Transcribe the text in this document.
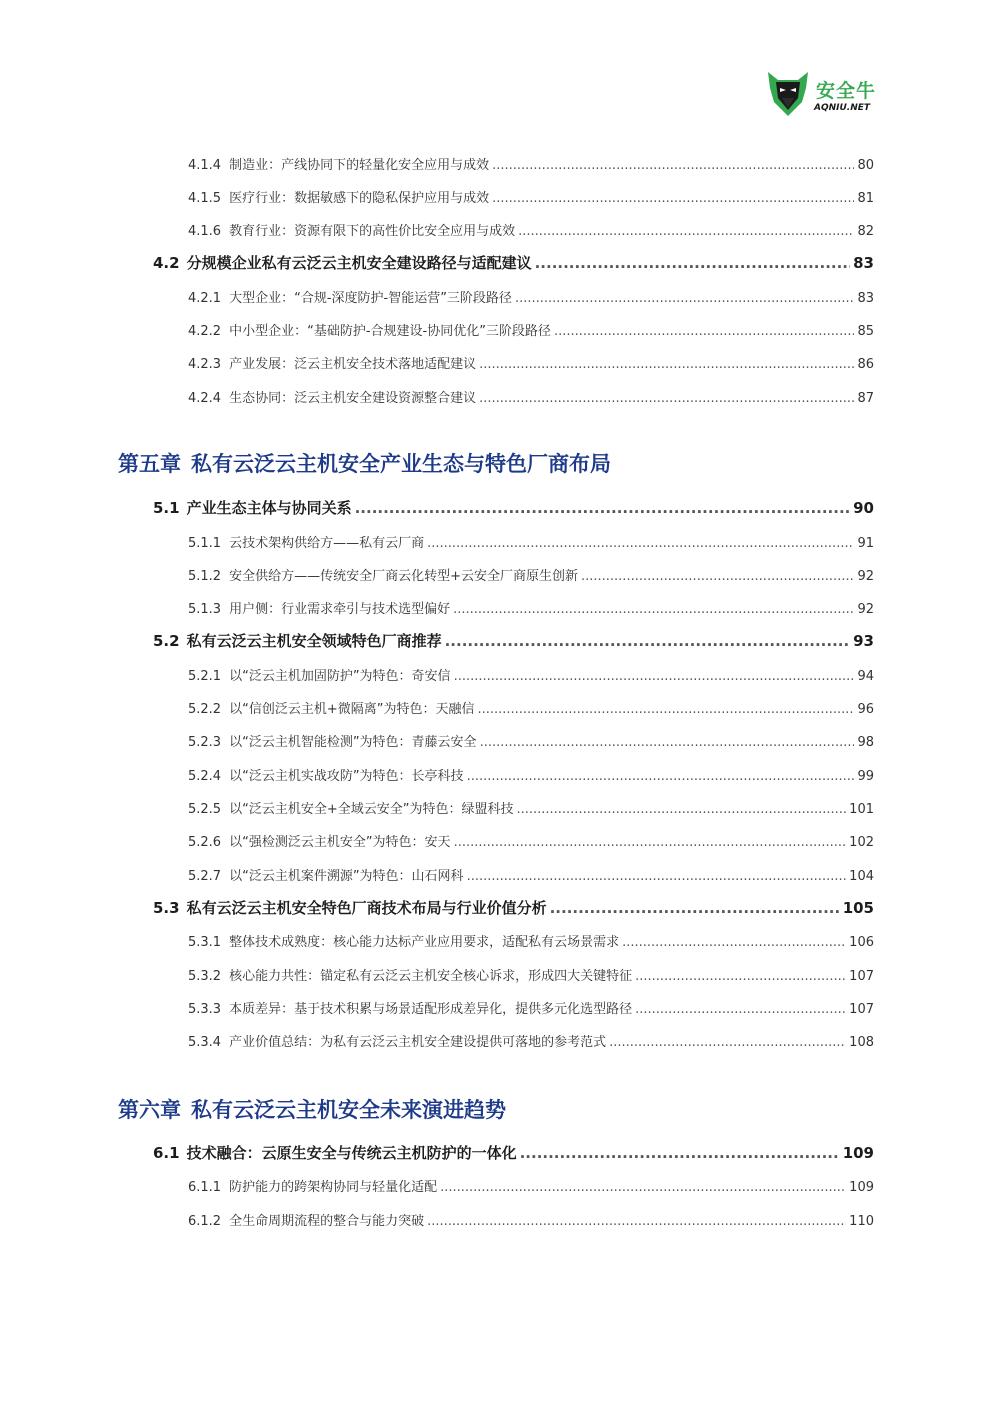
安全牛
AQNIU.NET
4.1.4 制造业：产线协同下的轻量化安全应用与成效 .....	80
4.1.5 医疗行业：数据敏感下的隐私保护应用与成效 .....	81
4.1.6 教育行业：资源有限下的高性价比安全应用与成效 .....	82
4.2 分规模企业私有云泛云主机安全建设路径与适配建议 .....	83
4.2.1 大型企业：“合规-深度防护-智能运营”三阶段路径 .....	83
4.2.2 中小型企业：“基础防护-合规建设-协同优化”三阶段路径 .....	85
4.2.3 产业发展：泛云主机安全技术落地适配建议 .....	86
4.2.4 生态协同：泛云主机安全建设资源整合建议 .....	87
第五章 私有云泛云主机安全产业生态与特色厂商布局
5.1 产业生态主体与协同关系 .....	90
5.1.1 云技术架构供给方——私有云厂商 .....	91
5.1.2 安全供给方——传统安全厂商云化转型+云安全厂商原生创新 .....	92
5.1.3 用户侧：行业需求牵引与技术选型偏好 .....	92
5.2 私有云泛云主机安全领域特色厂商推荐 .....	93
5.2.1 以“泛云主机加固防护”为特色：奇安信 .....	94
5.2.2 以“信创泛云主机+微隔离”为特色：天融信 .....	96
5.2.3 以“泛云主机智能检测”为特色：青藤云安全 .....	98
5.2.4 以“泛云主机实战攻防”为特色：长亭科技 .....	99
5.2.5 以“泛云主机安全+全域云安全”为特色：绿盟科技 .....	101
5.2.6 以“强检测泛云主机安全”为特色：安天 .....	102
5.2.7 以“泛云主机案件溯源”为特色：山石网科 .....	104
5.3 私有云泛云主机安全特色厂商技术布局与行业价值分析 .....	105
5.3.1 整体技术成熟度：核心能力达标产业应用要求，适配私有云场景需求 .....	106
5.3.2 核心能力共性：锚定私有云泛云主机安全核心诉求，形成四大关键特征 .....	107
5.3.3 本质差异：基于技术积累与场景适配形成差异化，提供多元化选型路径 .....	107
5.3.4 产业价值总结：为私有云泛云主机安全建设提供可落地的参考范式 .....	108
第六章 私有云泛云主机安全未来演进趋势
6.1 技术融合：云原生安全与传统云主机防护的一体化 .....	109
6.1.1 防护能力的跨架构协同与轻量化适配 .....	109
6.1.2 全生命周期流程的整合与能力突破 .....	110
